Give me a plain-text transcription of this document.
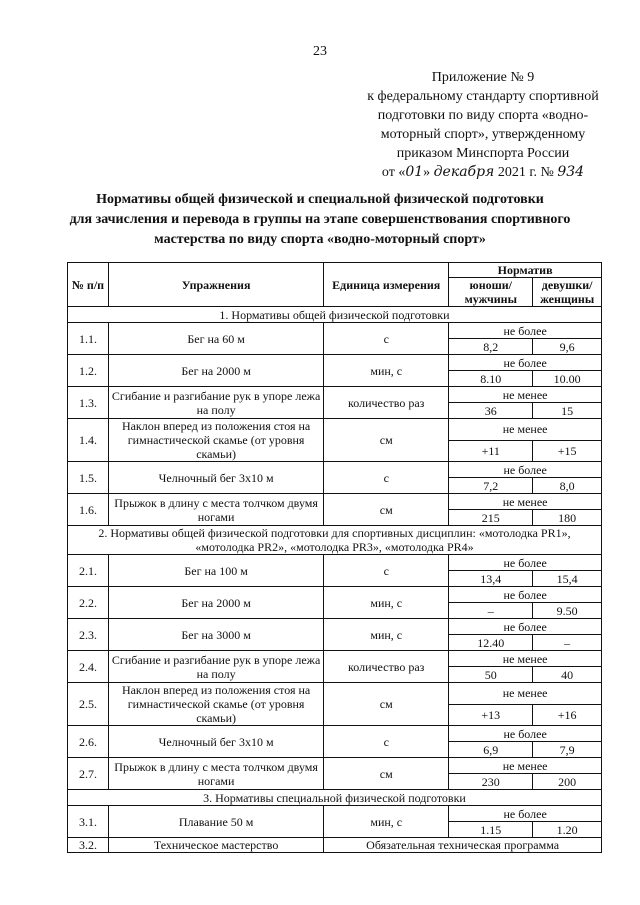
23
Приложение № 9
к федеральному стандарту спортивной
подготовки по виду спорта «водно-
моторный спорт», утвержденному
приказом Минспорта России
от «01» декабря 2021 г. № 934
Нормативы общей физической и специальной физической подготовки
для зачисления и перевода в группы на этапе совершенствования спортивного
мастерства по виду спорта «водно-моторный спорт»
№ п/п	Упражнения	Единица измерения	Норматив	
			юноши/ мужчины	девушки/ женщины
1. Нормативы общей физической подготовки				
1.1.	Бег на 60 м	с	не более	
			8,2	9,6
1.2.	Бег на 2000 м	мин, с	не более	
			8.10	10.00
1.3.	Сгибание и разгибание рук в упоре лежа на полу	количество раз	не менее	
			36	15
1.4.	Наклон вперед из положения стоя на гимнастической скамье (от уровня скамьи)	см	не менее	
			+11	+15
1.5.	Челночный бег 3х10 м	с	не более	
			7,2	8,0
1.6.	Прыжок в длину с места толчком двумя ногами	см	не менее	
			215	180
2. Нормативы общей физической подготовки для спортивных дисциплин: «мотолодка PR1», «мотолодка PR2», «мотолодка PR3», «мотолодка PR4»				
2.1.	Бег на 100 м	с	не более	
			13,4	15,4
2.2.	Бег на 2000 м	мин, с	не более	
			–	9.50
2.3.	Бег на 3000 м	мин, с	не более	
			12.40	–
2.4.	Сгибание и разгибание рук в упоре лежа на полу	количество раз	не менее	
			50	40
2.5.	Наклон вперед из положения стоя на гимнастической скамье (от уровня скамьи)	см	не менее	
			+13	+16
2.6.	Челночный бег 3х10 м	с	не более	
			6,9	7,9
2.7.	Прыжок в длину с места толчком двумя ногами	см	не менее	
			230	200
3. Нормативы специальной физической подготовки				
3.1.	Плавание 50 м	мин, с	не более	
			1.15	1.20
3.2.	Техническое мастерство	Обязательная техническая программа		
